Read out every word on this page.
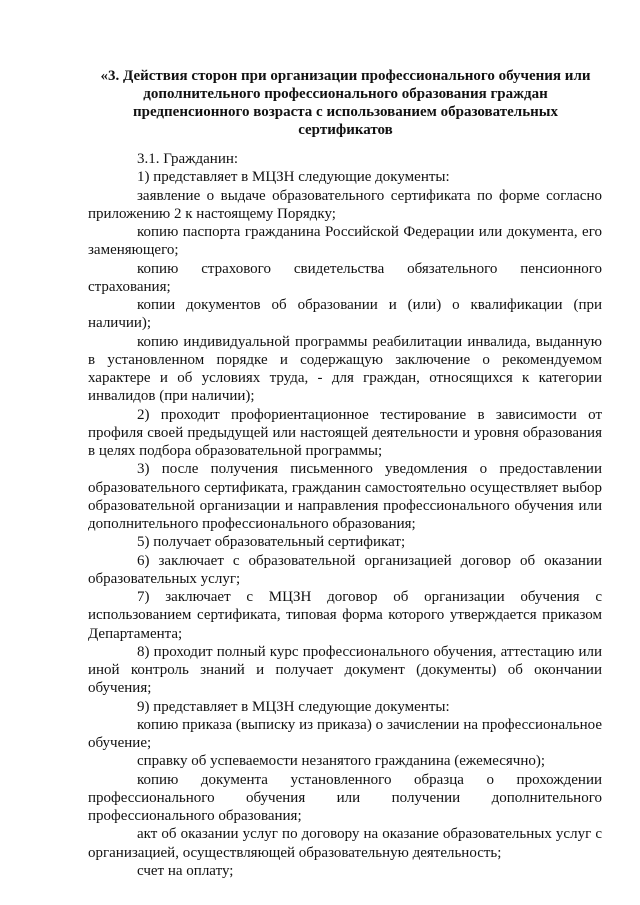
«3. Действия сторон при организации профессионального обучения или
дополнительного профессионального образования граждан
предпенсионного возраста с использованием образовательных
сертификатов

3.1. Гражданин:

1) представляет в МЦЗН следующие документы:

заявление о выдаче образовательного сертификата по форме согласно приложению 2 к настоящему Порядку;

копию паспорта гражданина Российской Федерации или документа, его заменяющего;

копию страхового свидетельства обязательного пенсионного страхования;

копии документов об образовании и (или) о квалификации (при наличии);

копию индивидуальной программы реабилитации инвалида, выданную в установленном порядке и содержащую заключение о рекомендуемом характере и об условиях труда, - для граждан, относящихся к категории инвалидов (при наличии);

2) проходит профориентационное тестирование в зависимости от профиля своей предыдущей или настоящей деятельности и уровня образования в целях подбора образовательной программы;

3) после получения письменного уведомления о предоставлении образовательного сертификата, гражданин самостоятельно осуществляет выбор образовательной организации и направления профессионального обучения или дополнительного профессионального образования;

5) получает образовательный сертификат;

6) заключает с образовательной организацией договор об оказании образовательных услуг;

7) заключает с МЦЗН договор об организации обучения с использованием сертификата, типовая форма которого утверждается приказом Департамента;

8) проходит полный курс профессионального обучения, аттестацию или иной контроль знаний и получает документ (документы) об окончании обучения;

9) представляет в МЦЗН следующие документы:

копию приказа (выписку из приказа) о зачислении на профессиональное обучение;

справку об успеваемости незанятого гражданина (ежемесячно);

копию документа установленного образца о прохождении профессионального обучения или получении дополнительного профессионального образования;

акт об оказании услуг по договору на оказание образовательных услуг с организацией, осуществляющей образовательную деятельность;

счет на оплату;
